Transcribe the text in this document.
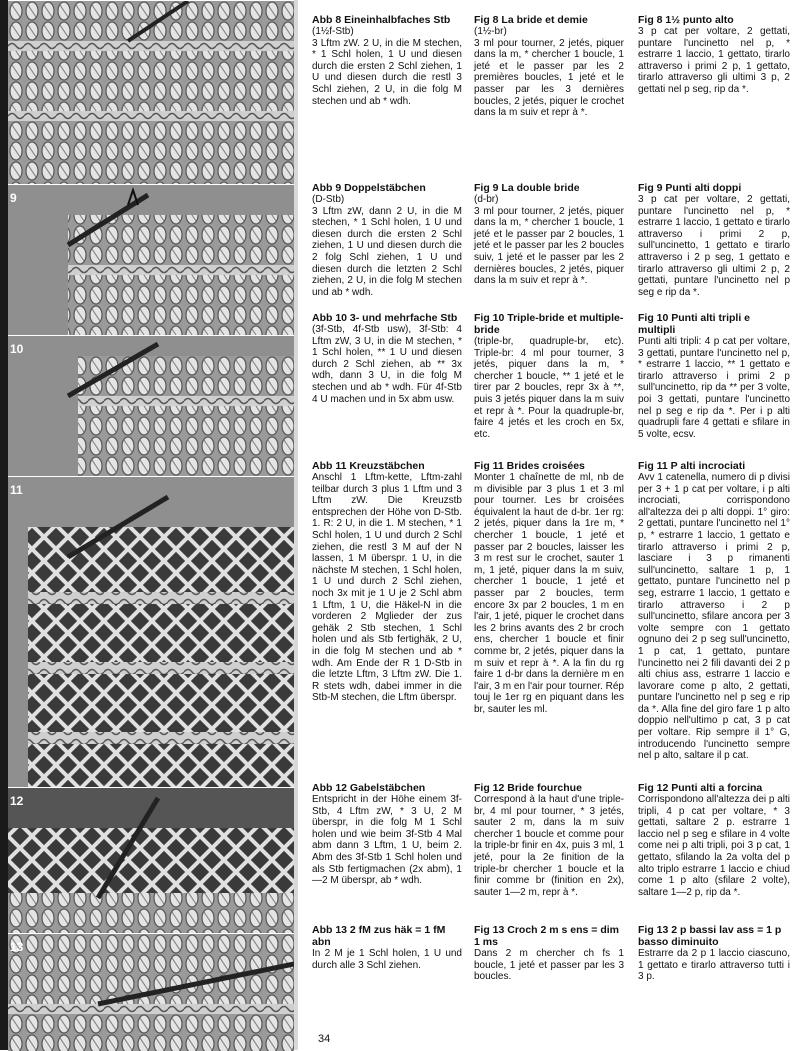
9
10
11
12
13
Abb 8 Eineinhalbfaches Stb
(1½f-Stb)
3 Lftm zW. 2 U, in die M stechen, * 1 Schl holen, 1 U und diesen durch die ersten 2 Schl ziehen, 1 U und diesen durch die restl 3 Schl ziehen, 2 U, in die folg M stechen und ab * wdh.
Abb 9 Doppelstäbchen
(D-Stb)
3 Lftm zW, dann 2 U, in die M stechen, * 1 Schl holen, 1 U und diesen durch die ersten 2 Schl ziehen, 1 U und diesen durch die 2 folg Schl ziehen, 1 U und diesen durch die letzten 2 Schl ziehen, 2 U, in die folg M stechen und ab * wdh.
Abb 10 3- und mehrfache Stb
(3f-Stb, 4f-Stb usw), 3f-Stb: 4 Lftm zW, 3 U, in die M stechen, * 1 Schl holen, ** 1 U und diesen durch 2 Schl ziehen, ab ** 3x wdh, dann 3 U, in die folg M stechen und ab * wdh. Für 4f-Stb 4 U machen und in 5x abm usw.
Abb 11 Kreuzstäbchen
Anschl 1 Lftm-kette, Lftm-zahl teilbar durch 3 plus 1 Lftm und 3 Lftm zW. Die Kreuzstb entsprechen der Höhe von D-Stb. 1. R: 2 U, in die 1. M stechen, * 1 Schl holen, 1 U und durch 2 Schl ziehen, die restl 3 M auf der N lassen, 1 M überspr. 1 U, in die nächste M stechen, 1 Schl holen, 1 U und durch 2 Schl ziehen, noch 3x mit je 1 U je 2 Schl abm 1 Lftm, 1 U, die Häkel-N in die vorderen 2 Mglieder der zus gehäk 2 Stb stechen, 1 Schl holen und als Stb fertighäk, 2 U, in die folg M stechen und ab * wdh. Am Ende der R 1 D-Stb in die letzte Lftm, 3 Lftm zW. Die 1. R stets wdh, dabei immer in die Stb-M stechen, die Lftm überspr.
Abb 12 Gabelstäbchen
Entspricht in der Höhe einem 3f-Stb, 4 Lftm zW, * 3 U, 2 M überspr, in die folg M 1 Schl holen und wie beim 3f-Stb 4 Mal abm dann 3 Lftm, 1 U, beim 2. Abm des 3f-Stb 1 Schl holen und als Stb fertigmachen (2x abm), 1—2 M überspr, ab * wdh.
Abb 13 2 fM zus häk = 1 fM abn
In 2 M je 1 Schl holen, 1 U und durch alle 3 Schl ziehen.
Fig 8 La bride et demie
(1½-br)
3 ml pour tourner, 2 jetés, piquer dans la m, * chercher 1 boucle, 1 jeté et le passer par les 2 premières boucles, 1 jeté et le passer par les 3 dernières boucles, 2 jetés, piquer le crochet dans la m suiv et repr à *.
Fig 9 La double bride
(d-br)
3 ml pour tourner, 2 jetés, piquer dans la m, * chercher 1 boucle, 1 jeté et le passer par 2 boucles, 1 jeté et le passer par les 2 boucles suiv, 1 jeté et le passer par les 2 dernières boucles, 2 jetés, piquer dans la m suiv et repr à *.
Fig 10 Triple-bride et multiple-bride
(triple-br, quadruple-br, etc). Triple-br: 4 ml pour tourner, 3 jetés, piquer dans la m, * chercher 1 boucle, ** 1 jeté et le tirer par 2 boucles, repr 3x à **, puis 3 jetés piquer dans la m suiv et repr à *. Pour la quadruple-br, faire 4 jetés et les croch en 5x, etc.
Fig 11 Brides croisées
Monter 1 chaînette de ml, nb de m divisible par 3 plus 1 et 3 ml pour tourner. Les br croisées équivalent la haut de d-br. 1er rg: 2 jetés, piquer dans la 1re m, * chercher 1 boucle, 1 jeté et passer par 2 boucles, laisser les 3 m rest sur le crochet, sauter 1 m, 1 jeté, piquer dans la m suiv, chercher 1 boucle, 1 jeté et passer par 2 boucles, term encore 3x par 2 boucles, 1 m en l'air, 1 jeté, piquer le crochet dans les 2 brins avants des 2 br croch ens, chercher 1 boucle et finir comme br, 2 jetés, piquer dans la m suiv et repr à *. A la fin du rg faire 1 d-br dans la dernière m en l'air, 3 m en l'air pour tourner. Rép touj le 1er rg en piquant dans les br, sauter les ml.
Fig 12 Bride fourchue
Correspond à la haut d'une triple-br, 4 ml pour tourner, * 3 jetés, sauter 2 m, dans la m suiv chercher 1 boucle et comme pour la triple-br finir en 4x, puis 3 ml, 1 jeté, pour la 2e finition de la triple-br chercher 1 boucle et la finir comme br (finition en 2x), sauter 1—2 m, repr à *.
Fig 13 Croch 2 m s ens = dim 1 ms
Dans 2 m chercher ch fs 1 boucle, 1 jeté et passer par les 3 boucles.
Fig 8 1½ punto alto
3 p cat per voltare, 2 gettati, puntare l'uncinetto nel p, * estrarre 1 laccio, 1 gettato, tirarlo attraverso i primi 2 p, 1 gettato, tirarlo attraverso gli ultimi 3 p, 2 gettati nel p seg, rip da *.
Fig 9 Punti alti doppi
3 p cat per voltare, 2 gettati, puntare l'uncinetto nel p, * estrarre 1 laccio, 1 gettato e tirarlo attraverso i primi 2 p, sull'uncinetto, 1 gettato e tirarlo attraverso i 2 p seg, 1 gettato e tirarlo attraverso gli ultimi 2 p, 2 gettati, puntare l'uncinetto nel p seg e rip da *.
Fig 10 Punti alti tripli e multipli
Punti alti tripli: 4 p cat per voltare, 3 gettati, puntare l'uncinetto nel p, * estrarre 1 laccio, ** 1 gettato e tirarlo attraverso i primi 2 p sull'uncinetto, rip da ** per 3 volte, poi 3 gettati, puntare l'uncinetto nel p seg e rip da *. Per i p alti quadrupli fare 4 gettati e sfilare in 5 volte, ecsv.
Fig 11 P alti incrociati
Avv 1 catenella, numero di p divisi per 3 + 1 p cat per voltare, i p alti incrociati, corrispondono all'altezza dei p alti doppi. 1° giro: 2 gettati, puntare l'uncinetto nel 1° p, * estrarre 1 laccio, 1 gettato e tirarlo attraverso i primi 2 p, lasciare i 3 p rimanenti sull'uncinetto, saltare 1 p, 1 gettato, puntare l'uncinetto nel p seg, estrarre 1 laccio, 1 gettato e tirarlo attraverso i 2 p sull'uncinetto, sfilare ancora per 3 volte sempre con 1 gettato ognuno dei 2 p seg sull'uncinetto, 1 p cat, 1 gettato, puntare l'uncinetto nei 2 fili davanti dei 2 p alti chius ass, estrarre 1 laccio e lavorare come p alto, 2 gettati, puntare l'uncinetto nel p seg e rip da *. Alla fine del giro fare 1 p alto doppio nell'ultimo p cat, 3 p cat per voltare. Rip sempre il 1° G, introducendo l'uncinetto sempre nel p alto, saltare il p cat.
Fig 12 Punti alti a forcina
Corrispondono all'altezza dei p alti tripli, 4 p cat per voltare, * 3 gettati, saltare 2 p. estrarre 1 laccio nel p seg e sfilare in 4 volte come nei p alti tripli, poi 3 p cat, 1 gettato, sfilando la 2a volta del p alto triplo estrarre 1 laccio e chiud come 1 p alto (sfilare 2 volte), saltare 1—2 p, rip da *.
Fig 13 2 p bassi lav ass = 1 p basso diminuito
Estrarre da 2 p 1 laccio ciascuno, 1 gettato e tirarlo attraverso tutti i 3 p.
34
